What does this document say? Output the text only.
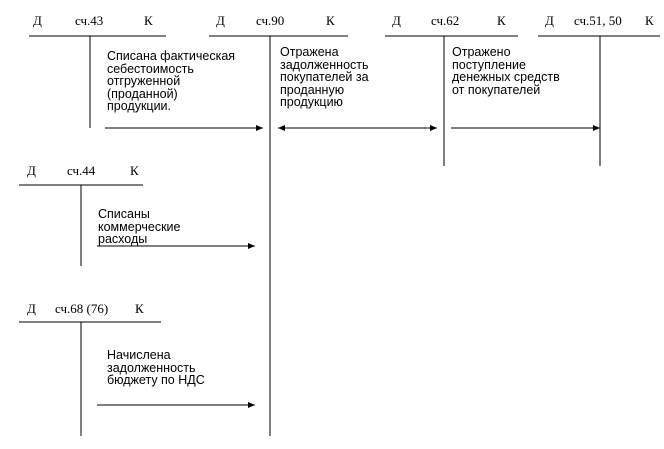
Д	сч.43	К	Д сч.90	К	Д сч.62	К	Д сч.51, 50 К
Д сч.44	К
Д сч.68 (76) К
Списана фактическая
себестоимость
отгруженной
(проданной)
продукции.
Отражена
задолженность
покупателей за
проданную
продукцию
Отражено
поступление
денежных средств
от покупателей
Списаны
коммерческие
расходы
Начислена
задолженность
бюджету по НДС
